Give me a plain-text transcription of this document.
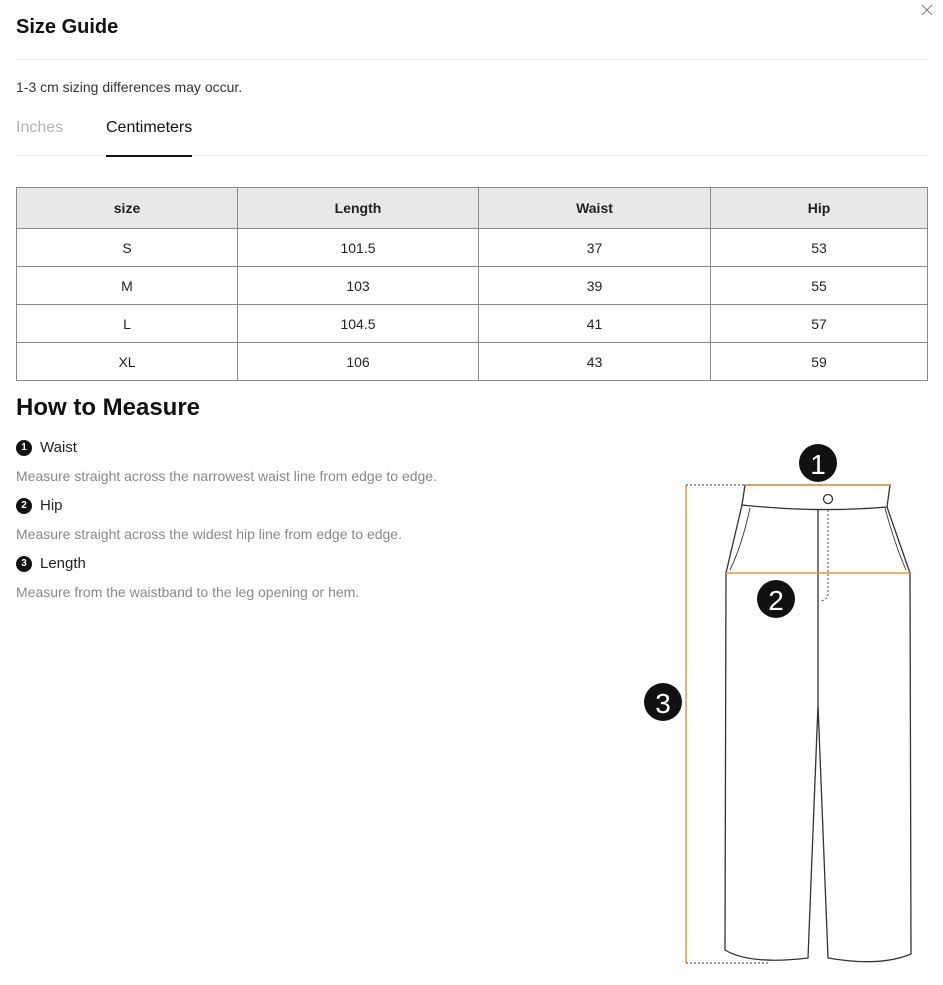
Size Guide
1-3 cm sizing differences may occur.
Inches	Centimeters
size	Length	Waist	Hip
S	101.5	37	53
M	103	39	55
L	104.5	41	57
XL	106	43	59
How to Measure
1 Waist
Measure straight across the narrowest waist line from edge to edge.
2 Hip
Measure straight across the widest hip line from edge to edge.
3 Length
Measure from the waistband to the leg opening or hem.
1
2
3
